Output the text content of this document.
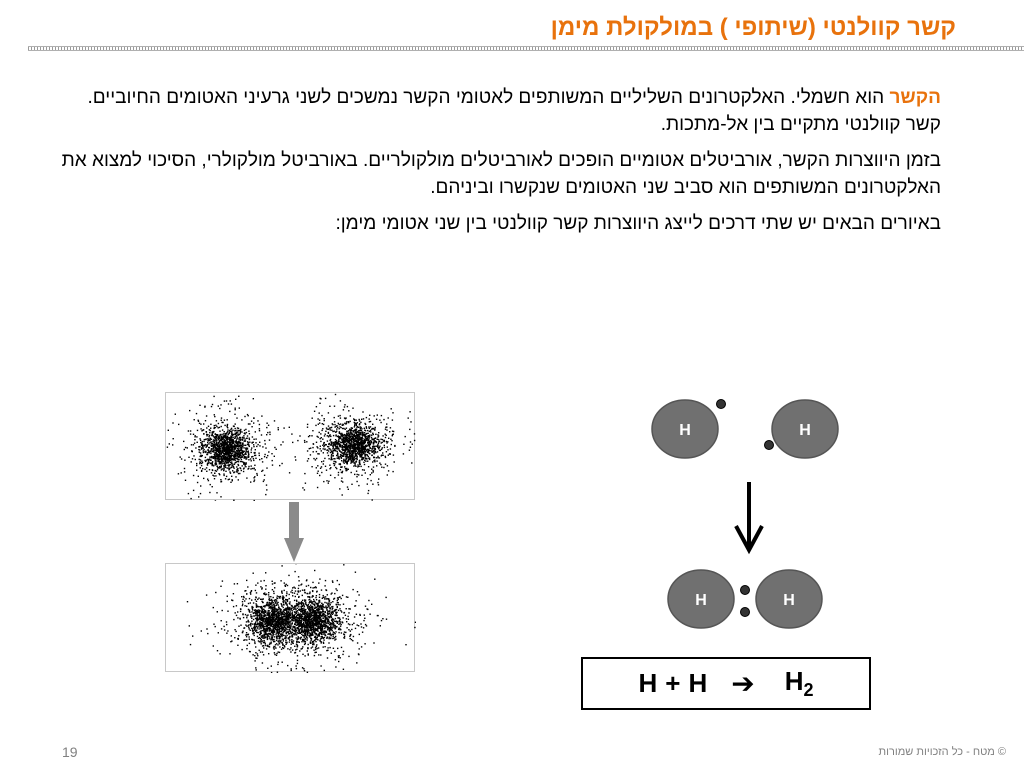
קשר קוולנטי (שיתופי ) במולקולת מימן

הקשר הוא חשמלי. האלקטרונים השליליים המשותפים לאטומי הקשר נמשכים לשני גרעיני האטומים החיוביים. קשר קוולנטי מתקיים בין אל-מתכות.

בזמן היווצרות הקשר, אורביטלים אטומיים הופכים לאורביטלים מולקולריים. באורביטל מולקולרי, הסיכוי למצוא את האלקטרונים המשותפים הוא סביב שני האטומים שנקשרו וביניהם.

באיורים הבאים יש שתי דרכים לייצג היווצרות קשר קוולנטי בין שני אטומי מימן:

H	H
H	H
H + H ➔ $H_2$
© מטח - כל הזכויות שמורות
19
